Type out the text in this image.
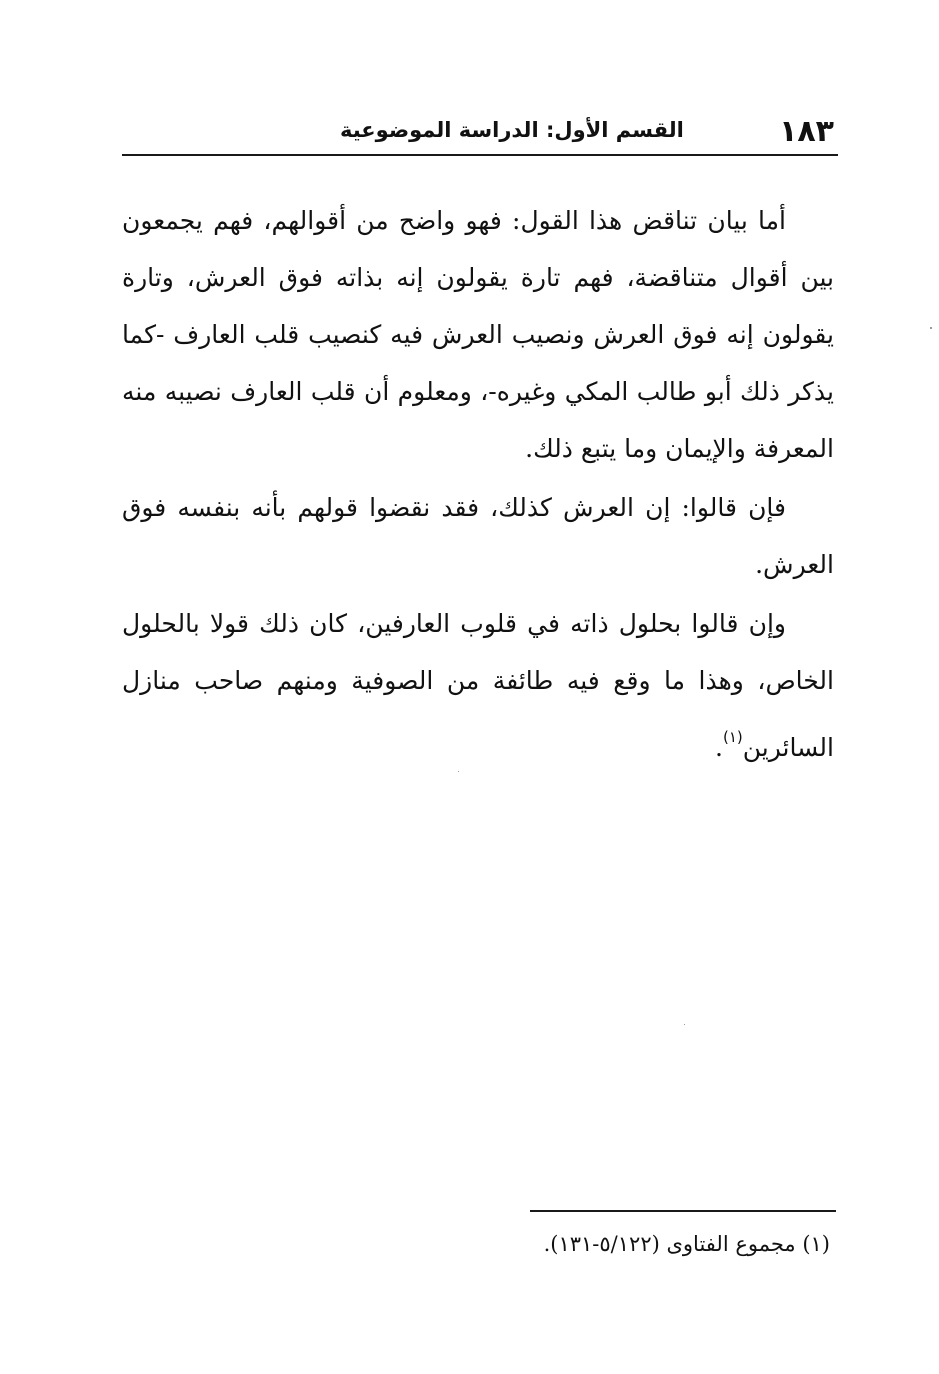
١٨٣
القسم الأول: الدراسة الموضوعية

أما بيان تناقض هذا القول: فهو واضح من أقوالهم، فهم يجمعون بين أقوال متناقضة، فهم تارة يقولون إنه بذاته فوق العرش، وتارة يقولون إنه فوق العرش ونصيب العرش فيه كنصيب قلب العارف -كما يذكر ذلك أبو طالب المكي وغيره-، ومعلوم أن قلب العارف نصيبه منه المعرفة والإيمان وما يتبع ذلك.

فإن قالوا: إن العرش كذلك، فقد نقضوا قولهم بأنه بنفسه فوق العرش.

وإن قالوا بحلول ذاته في قلوب العارفين، كان ذلك قولا بالحلول الخاص، وهذا ما وقع فيه طائفة من الصوفية ومنهم صاحب منازل السائرين$^{(١)}$.

(١) مجموع الفتاوى (٥/١٢٢-١٣١).
